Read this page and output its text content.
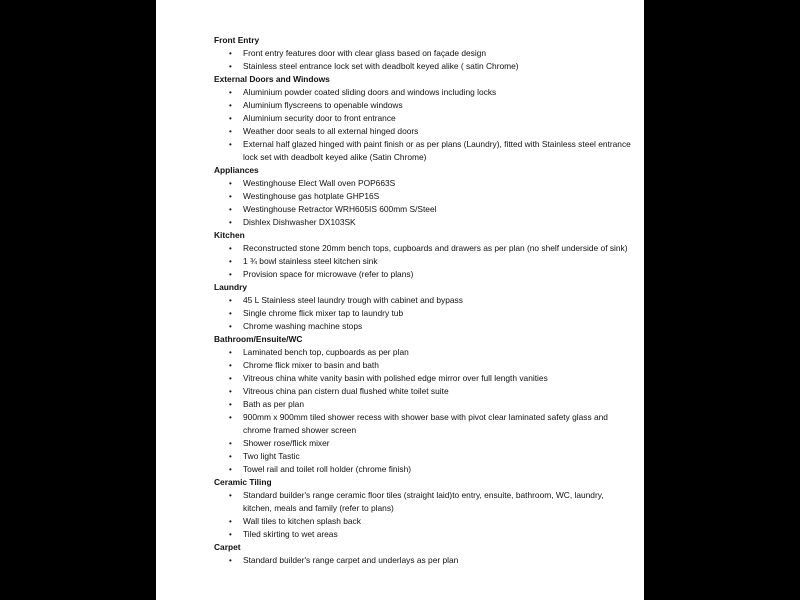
Front Entry
• Front entry features door with clear glass based on façade design
• Stainless steel entrance lock set with deadbolt keyed alike ( satin Chrome)
External Doors and Windows
• Aluminium powder coated sliding doors and windows including locks
• Aluminium flyscreens to openable windows
• Aluminium security door to front entrance
• Weather door seals to all external hinged doors
• External half glazed hinged with paint finish or as per plans (Laundry), fitted with Stainless steel entrance lock set with deadbolt keyed alike (Satin Chrome)
Appliances
• Westinghouse Elect Wall oven POP663S
• Westinghouse gas hotplate GHP16S
• Westinghouse Retractor WRH605IS 600mm S/Steel
• Dishlex Dishwasher DX103SK
Kitchen
• Reconstructed stone 20mm bench tops, cupboards and drawers as per plan (no shelf underside of sink)
• 1 ¾ bowl stainless steel kitchen sink
• Provision space for microwave (refer to plans)
Laundry
• 45 L Stainless steel laundry trough with cabinet and bypass
• Single chrome flick mixer tap to laundry tub
• Chrome washing machine stops
Bathroom/Ensuite/WC
• Laminated bench top, cupboards as per plan
• Chrome flick mixer to basin and bath
• Vitreous china white vanity basin with polished edge mirror over full length vanities
• Vitreous china pan cistern dual flushed white toilet suite
• Bath as per plan
• 900mm x 900mm tiled shower recess with shower base with pivot clear laminated safety glass and chrome framed shower screen
• Shower rose/flick mixer
• Two light Tastic
• Towel rail and toilet roll holder (chrome finish)
Ceramic Tiling
• Standard builder's range ceramic floor tiles (straight laid)to entry, ensuite, bathroom, WC, laundry, kitchen, meals and family (refer to plans)
• Wall tiles to kitchen splash back
• Tiled skirting to wet areas
Carpet
• Standard builder's range carpet and underlays as per plan
